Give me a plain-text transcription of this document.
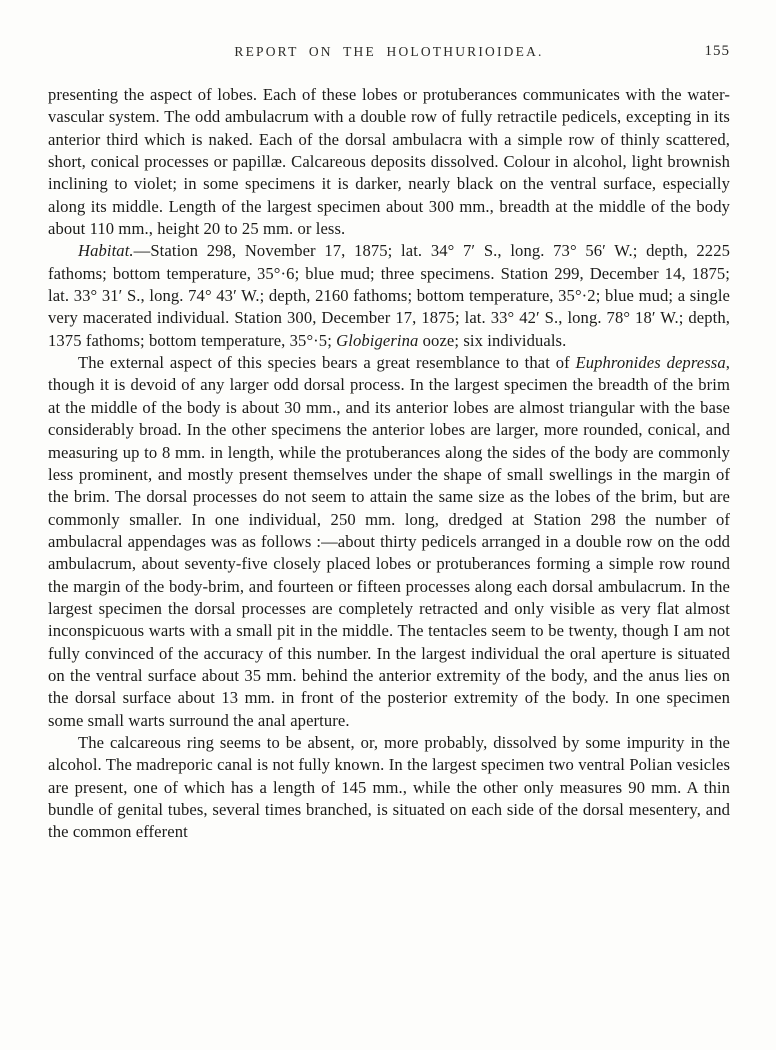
REPORT ON THE HOLOTHURIOIDEA.	155

presenting the aspect of lobes. Each of these lobes or protuberances communicates with the water-vascular system. The odd ambulacrum with a double row of fully retractile pedicels, excepting in its anterior third which is naked. Each of the dorsal ambulacra with a simple row of thinly scattered, short, conical processes or papillæ. Calcareous deposits dissolved. Colour in alcohol, light brownish inclining to violet; in some specimens it is darker, nearly black on the ventral surface, especially along its middle. Length of the largest specimen about 300 mm., breadth at the middle of the body about 110 mm., height 20 to 25 mm. or less.

Habitat.—Station 298, November 17, 1875; lat. 34° 7′ S., long. 73° 56′ W.; depth, 2225 fathoms; bottom temperature, 35°·6; blue mud; three specimens. Station 299, December 14, 1875; lat. 33° 31′ S., long. 74° 43′ W.; depth, 2160 fathoms; bottom temperature, 35°·2; blue mud; a single very macerated individual. Station 300, December 17, 1875; lat. 33° 42′ S., long. 78° 18′ W.; depth, 1375 fathoms; bottom temperature, 35°·5; Globigerina ooze; six individuals.

The external aspect of this species bears a great resemblance to that of Euphronides depressa, though it is devoid of any larger odd dorsal process. In the largest specimen the breadth of the brim at the middle of the body is about 30 mm., and its anterior lobes are almost triangular with the base considerably broad. In the other specimens the anterior lobes are larger, more rounded, conical, and measuring up to 8 mm. in length, while the protuberances along the sides of the body are commonly less prominent, and mostly present themselves under the shape of small swellings in the margin of the brim. The dorsal processes do not seem to attain the same size as the lobes of the brim, but are commonly smaller. In one individual, 250 mm. long, dredged at Station 298 the number of ambulacral appendages was as follows :—about thirty pedicels arranged in a double row on the odd ambulacrum, about seventy-five closely placed lobes or protuberances forming a simple row round the margin of the body-brim, and fourteen or fifteen processes along each dorsal ambulacrum. In the largest specimen the dorsal processes are completely retracted and only visible as very flat almost inconspicuous warts with a small pit in the middle. The tentacles seem to be twenty, though I am not fully convinced of the accuracy of this number. In the largest individual the oral aperture is situated on the ventral surface about 35 mm. behind the anterior extremity of the body, and the anus lies on the dorsal surface about 13 mm. in front of the posterior extremity of the body. In one specimen some small warts surround the anal aperture.

The calcareous ring seems to be absent, or, more probably, dissolved by some impurity in the alcohol. The madreporic canal is not fully known. In the largest specimen two ventral Polian vesicles are present, one of which has a length of 145 mm., while the other only measures 90 mm. A thin bundle of genital tubes, several times branched, is situated on each side of the dorsal mesentery, and the common efferent
